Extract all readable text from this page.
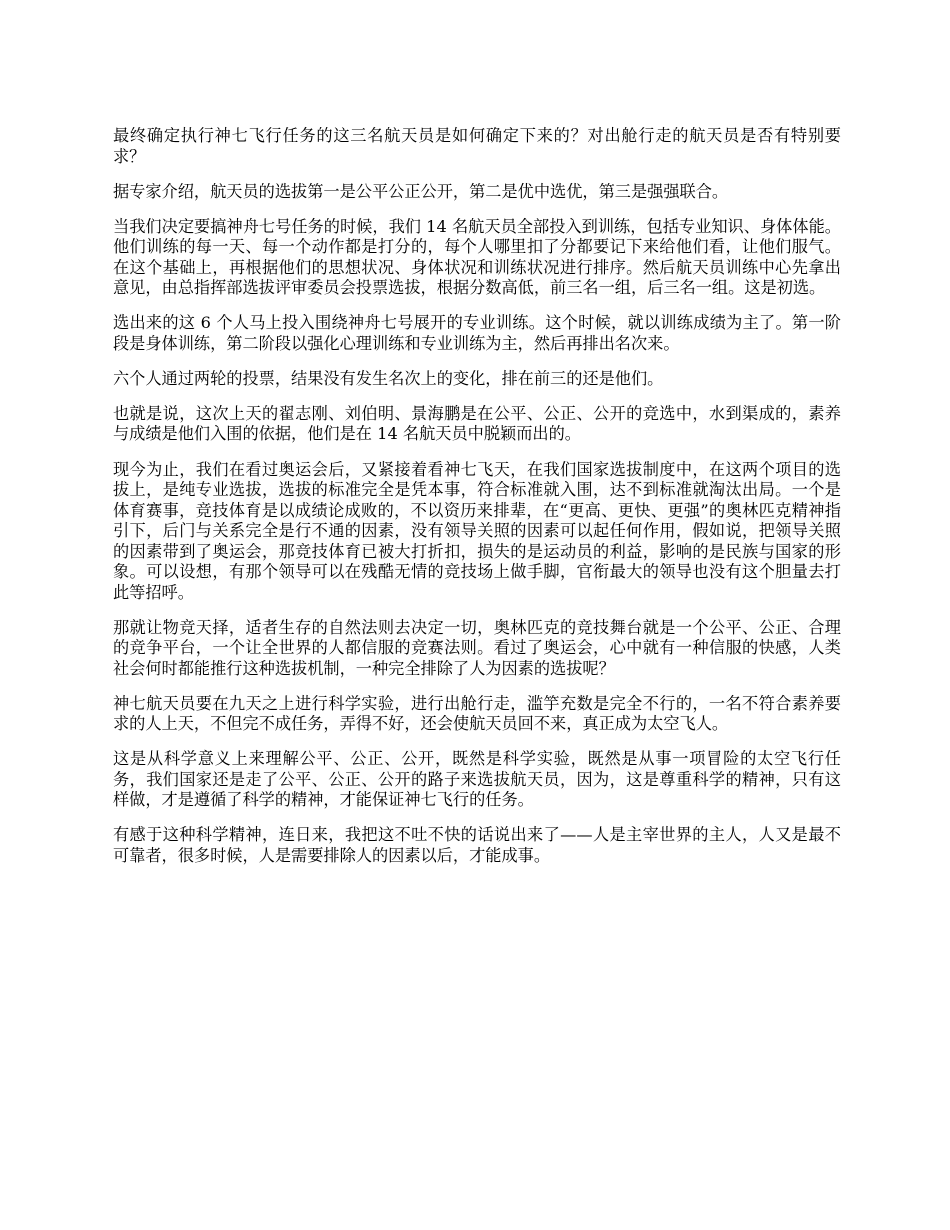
最终确定执行神七飞行任务的这三名航天员是如何确定下来的？对出舱行走的航天员是否有特别要求？

据专家介绍，航天员的选拔第一是公平公正公开，第二是优中选优，第三是强强联合。

当我们决定要搞神舟七号任务的时候，我们 14 名航天员全部投入到训练，包括专业知识、身体体能。他们训练的每一天、每一个动作都是打分的，每个人哪里扣了分都要记下来给他们看，让他们服气。在这个基础上，再根据他们的思想状况、身体状况和训练状况进行排序。然后航天员训练中心先拿出意见，由总指挥部选拔评审委员会投票选拔，根据分数高低，前三名一组，后三名一组。这是初选。

选出来的这 6 个人马上投入围绕神舟七号展开的专业训练。这个时候，就以训练成绩为主了。第一阶段是身体训练，第二阶段以强化心理训练和专业训练为主，然后再排出名次来。

六个人通过两轮的投票，结果没有发生名次上的变化，排在前三的还是他们。

也就是说，这次上天的翟志刚、刘伯明、景海鹏是在公平、公正、公开的竞选中，水到渠成的，素养与成绩是他们入围的依据，他们是在 14 名航天员中脱颖而出的。

现今为止，我们在看过奥运会后，又紧接着看神七飞天，在我们国家选拔制度中，在这两个项目的选拔上，是纯专业选拔，选拔的标准完全是凭本事，符合标准就入围，达不到标准就淘汰出局。一个是体育赛事，竞技体育是以成绩论成败的，不以资历来排辈，在“更高、更快、更强”的奥林匹克精神指引下，后门与关系完全是行不通的因素，没有领导关照的因素可以起任何作用，假如说，把领导关照的因素带到了奥运会，那竞技体育已被大打折扣，损失的是运动员的利益，影响的是民族与国家的形象。可以设想，有那个领导可以在残酷无情的竞技场上做手脚，官衔最大的领导也没有这个胆量去打此等招呼。

那就让物竞天择，适者生存的自然法则去决定一切，奥林匹克的竞技舞台就是一个公平、公正、合理的竞争平台，一个让全世界的人都信服的竞赛法则。看过了奥运会，心中就有一种信服的快感，人类社会何时都能推行这种选拔机制，一种完全排除了人为因素的选拔呢？

神七航天员要在九天之上进行科学实验，进行出舱行走，滥竽充数是完全不行的，一名不符合素养要求的人上天，不但完不成任务，弄得不好，还会使航天员回不来，真正成为太空飞人。

这是从科学意义上来理解公平、公正、公开，既然是科学实验，既然是从事一项冒险的太空飞行任务，我们国家还是走了公平、公正、公开的路子来选拔航天员，因为，这是尊重科学的精神，只有这样做，才是遵循了科学的精神，才能保证神七飞行的任务。

有感于这种科学精神，连日来，我把这不吐不快的话说出来了——人是主宰世界的主人，人又是最不可靠者，很多时候，人是需要排除人的因素以后，才能成事。
